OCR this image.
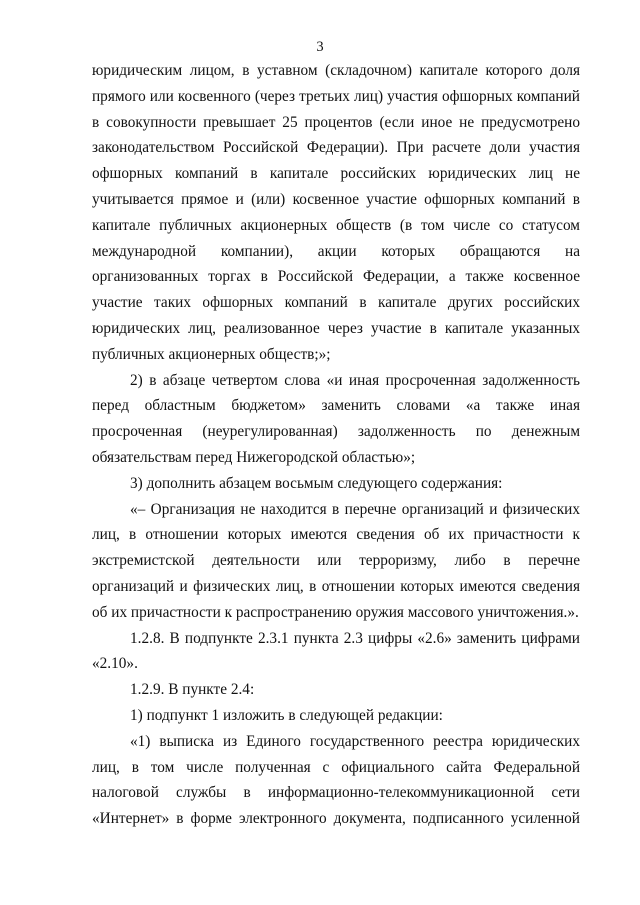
3

юридическим лицом, в уставном (складочном) капитале которого доля прямого или косвенного (через третьих лиц) участия офшорных компаний в совокупности превышает 25 процентов (если иное не предусмотрено законодательством Российской Федерации). При расчете доли участия офшорных компаний в капитале российских юридических лиц не учитывается прямое и (или) косвенное участие офшорных компаний в капитале публичных акционерных обществ (в том числе со статусом международной компании), акции которых обращаются на организованных торгах в Российской Федерации, а также косвенное участие таких офшорных компаний в капитале других российских юридических лиц, реализованное через участие в капитале указанных публичных акционерных обществ;»;

2) в абзаце четвертом слова «и иная просроченная задолженность перед областным бюджетом» заменить словами «а также иная просроченная (неурегулированная) задолженность по денежным обязательствам перед Нижегородской областью»;

3) дополнить абзацем восьмым следующего содержания:

«– Организация не находится в перечне организаций и физических лиц, в отношении которых имеются сведения об их причастности к экстремистской деятельности или терроризму, либо в перечне организаций и физических лиц, в отношении которых имеются сведения об их причастности к распространению оружия массового уничтожения.».

1.2.8. В подпункте 2.3.1 пункта 2.3 цифры «2.6» заменить цифрами «2.10».

1.2.9. В пункте 2.4:

1) подпункт 1 изложить в следующей редакции:

«1) выписка из Единого государственного реестра юридических лиц, в том числе полученная с официального сайта Федеральной налоговой службы в информационно-телекоммуникационной сети «Интернет» в форме электронного документа, подписанного усиленной
